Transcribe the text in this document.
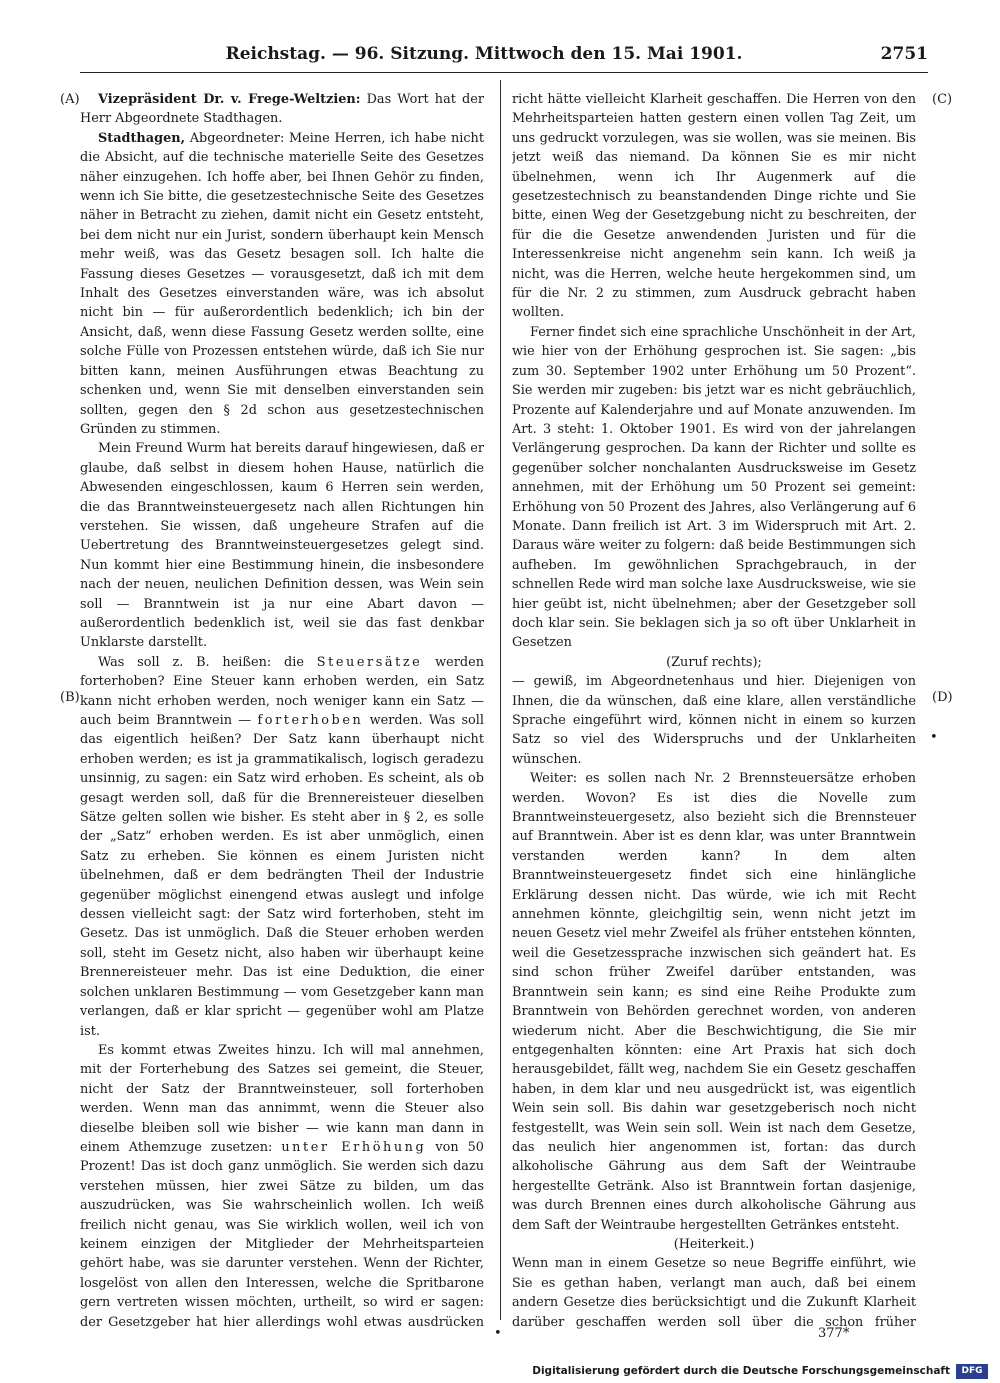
Reichstag. — 96. Sitzung. Mittwoch den 15. Mai 1901.	2751
(A)
(B)
(C)
(D)
•
•

Vizepräsident Dr. v. Frege-Weltzien: Das Wort hat der Herr Abgeordnete Stadthagen.

Stadthagen, Abgeordneter: Meine Herren, ich habe nicht die Absicht, auf die technische materielle Seite des Gesetzes näher einzugehen. Ich hoffe aber, bei Ihnen Gehör zu finden, wenn ich Sie bitte, die gesetzestechnische Seite des Gesetzes näher in Betracht zu ziehen, damit nicht ein Gesetz entsteht, bei dem nicht nur ein Jurist, sondern überhaupt kein Mensch mehr weiß, was das Gesetz besagen soll. Ich halte die Fassung dieses Gesetzes — vorausgesetzt, daß ich mit dem Inhalt des Gesetzes einverstanden wäre, was ich absolut nicht bin — für außerordentlich bedenklich; ich bin der Ansicht, daß, wenn diese Fassung Gesetz werden sollte, eine solche Fülle von Prozessen entstehen würde, daß ich Sie nur bitten kann, meinen Ausführungen etwas Beachtung zu schenken und, wenn Sie mit denselben einverstanden sein sollten, gegen den § 2d schon aus gesetzestechnischen Gründen zu stimmen.

Mein Freund Wurm hat bereits darauf hingewiesen, daß er glaube, daß selbst in diesem hohen Hause, natürlich die Abwesenden eingeschlossen, kaum 6 Herren sein werden, die das Branntweinsteuergesetz nach allen Richtungen hin verstehen. Sie wissen, daß ungeheure Strafen auf die Uebertretung des Branntweinsteuergesetzes gelegt sind. Nun kommt hier eine Bestimmung hinein, die insbesondere nach der neuen, neulichen Definition dessen, was Wein sein soll — Branntwein ist ja nur eine Abart davon — außerordentlich bedenklich ist, weil sie das fast denkbar Unklarste darstellt.

Was soll z. B. heißen: die Steuersätze werden forterhoben? Eine Steuer kann erhoben werden, ein Satz kann nicht erhoben werden, noch weniger kann ein Satz — auch beim Branntwein — forterhoben werden. Was soll das eigentlich heißen? Der Satz kann überhaupt nicht erhoben werden; es ist ja grammatikalisch, logisch geradezu unsinnig, zu sagen: ein Satz wird erhoben. Es scheint, als ob gesagt werden soll, daß für die Brennereisteuer dieselben Sätze gelten sollen wie bisher. Es steht aber in § 2, es solle der „Satz“ erhoben werden. Es ist aber unmöglich, einen Satz zu erheben. Sie können es einem Juristen nicht übelnehmen, daß er dem bedrängten Theil der Industrie gegenüber möglichst einengend etwas auslegt und infolge dessen vielleicht sagt: der Satz wird forterhoben, steht im Gesetz. Das ist unmöglich. Daß die Steuer erhoben werden soll, steht im Gesetz nicht, also haben wir überhaupt keine Brennereisteuer mehr. Das ist eine Deduktion, die einer solchen unklaren Bestimmung — vom Gesetzgeber kann man verlangen, daß er klar spricht — gegenüber wohl am Platze ist.

Es kommt etwas Zweites hinzu. Ich will mal annehmen, mit der Forterhebung des Satzes sei gemeint, die Steuer, nicht der Satz der Branntweinsteuer, soll forterhoben werden. Wenn man das annimmt, wenn die Steuer also dieselbe bleiben soll wie bisher — wie kann man dann in einem Athemzuge zusetzen: unter Erhöhung von 50 Prozent! Das ist doch ganz unmöglich. Sie werden sich dazu verstehen müssen, hier zwei Sätze zu bilden, um das auszudrücken, was Sie wahrscheinlich wollen. Ich weiß freilich nicht genau, was Sie wirklich wollen, weil ich von keinem einzigen der Mitglieder der Mehrheitsparteien gehört habe, was sie darunter verstehen. Wenn der Richter, losgelöst von allen den Interessen, welche die Spritbarone gern vertreten wissen möchten, urtheilt, so wird er sagen: der Gesetzgeber hat hier allerdings wohl etwas ausdrücken

richt hätte vielleicht Klarheit geschaffen. Die Herren von den Mehrheitsparteien hatten gestern einen vollen Tag Zeit, um uns gedruckt vorzulegen, was sie wollen, was sie meinen. Bis jetzt weiß das niemand. Da können Sie es mir nicht übelnehmen, wenn ich Ihr Augenmerk auf die gesetzestechnisch zu beanstandenden Dinge richte und Sie bitte, einen Weg der Gesetzgebung nicht zu beschreiten, der für die die Gesetze anwendenden Juristen und für die Interessenkreise nicht angenehm sein kann. Ich weiß ja nicht, was die Herren, welche heute hergekommen sind, um für die Nr. 2 zu stimmen, zum Ausdruck gebracht haben wollten.

Ferner findet sich eine sprachliche Unschönheit in der Art, wie hier von der Erhöhung gesprochen ist. Sie sagen: „bis zum 30. September 1902 unter Erhöhung um 50 Prozent“. Sie werden mir zugeben: bis jetzt war es nicht gebräuchlich, Prozente auf Kalenderjahre und auf Monate anzuwenden. Im Art. 3 steht: 1. Oktober 1901. Es wird von der jahrelangen Verlängerung gesprochen. Da kann der Richter und sollte es gegenüber solcher nonchalanten Ausdrucksweise im Gesetz annehmen, mit der Erhöhung um 50 Prozent sei gemeint: Erhöhung von 50 Prozent des Jahres, also Verlängerung auf 6 Monate. Dann freilich ist Art. 3 im Widerspruch mit Art. 2. Daraus wäre weiter zu folgern: daß beide Bestimmungen sich aufheben. Im gewöhnlichen Sprachgebrauch, in der schnellen Rede wird man solche laxe Ausdrucksweise, wie sie hier geübt ist, nicht übelnehmen; aber der Gesetzgeber soll doch klar sein. Sie beklagen sich ja so oft über Unklarheit in Gesetzen

(Zuruf rechts);

— gewiß, im Abgeordnetenhaus und hier. Diejenigen von Ihnen, die da wünschen, daß eine klare, allen verständliche Sprache eingeführt wird, können nicht in einem so kurzen Satz so viel des Widerspruchs und der Unklarheiten wünschen.

Weiter: es sollen nach Nr. 2 Brennsteuersätze erhoben werden. Wovon? Es ist dies die Novelle zum Branntweinsteuergesetz, also bezieht sich die Brennsteuer auf Branntwein. Aber ist es denn klar, was unter Branntwein verstanden werden kann? In dem alten Branntweinsteuergesetz findet sich eine hinlängliche Erklärung dessen nicht. Das würde, wie ich mit Recht annehmen könnte, gleichgiltig sein, wenn nicht jetzt im neuen Gesetz viel mehr Zweifel als früher entstehen könnten, weil die Gesetzessprache inzwischen sich geändert hat. Es sind schon früher Zweifel darüber entstanden, was Branntwein sein kann; es sind eine Reihe Produkte zum Branntwein von Behörden gerechnet worden, von anderen wiederum nicht. Aber die Beschwichtigung, die Sie mir entgegenhalten könnten: eine Art Praxis hat sich doch herausgebildet, fällt weg, nachdem Sie ein Gesetz geschaffen haben, in dem klar und neu ausgedrückt ist, was eigentlich Wein sein soll. Bis dahin war gesetzgeberisch noch nicht festgestellt, was Wein sein soll. Wein ist nach dem Gesetze, das neulich hier angenommen ist, fortan: das durch alkoholische Gährung aus dem Saft der Weintraube hergestellte Getränk. Also ist Branntwein fortan dasjenige, was durch Brennen eines durch alkoholische Gährung aus dem Saft der Weintraube hergestellten Getränkes entsteht.

(Heiterkeit.)

Wenn man in einem Gesetze so neue Begriffe einführt, wie Sie es gethan haben, verlangt man auch, daß bei einem andern Gesetze dies berücksichtigt und die Zukunft Klarheit darüber geschaffen werden soll über die schon früher

377*
Digitalisierung gefördert durch die Deutsche Forschungsgemeinschaft	DFG
